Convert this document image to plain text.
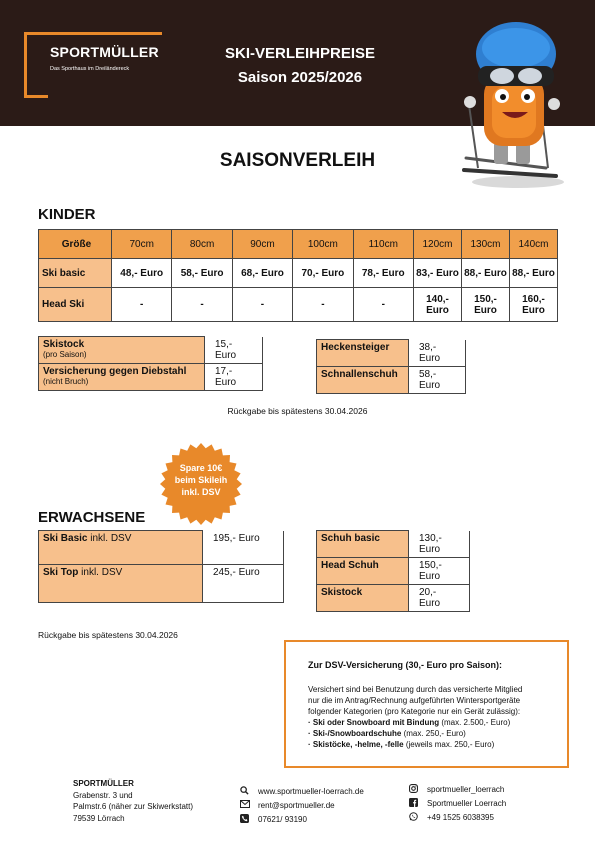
SPORTMÜLLER
Das Sporthaus im Dreiländereck
SKI-VERLEIHPREISE
Saison 2025/2026
SAISONVERLEIH
KINDER
Größe	70cm	80cm	90cm	100cm	110cm	120cm	130cm	140cm
Ski basic	48,- Euro	58,- Euro	68,- Euro	70,- Euro	78,- Euro	83,- Euro	88,- Euro	88,- Euro
Head Ski	-	-	-	-	-	140,- Euro	150,- Euro	160,- Euro
Skistock
(pro Saison)	15,- Euro
Versicherung gegen Diebstahl
(nicht Bruch)	17,- Euro
Heckensteiger	38,- Euro
Schnallenschuh	58,- Euro
Rückgabe bis spätestens 30.04.2026
Spare 10€
beim Skileih
inkl. DSV
ERWACHSENE
Ski Basic inkl. DSV	195,- Euro
Ski Top inkl. DSV	245,- Euro
Schuh basic	130,- Euro
Head Schuh	150,- Euro
Skistock	20,- Euro
Rückgabe bis spätestens 30.04.2026
Zur DSV-Versicherung (30,- Euro pro Saison):
Versichert sind bei Benutzung durch das versicherte Mitglied
nur die im Antrag/Rechnung aufgeführten Wintersportgeräte
folgender Kategorien (pro Kategorie nur ein Gerät zulässig):
· Ski oder Snowboard mit Bindung (max. 2.500,- Euro)
· Ski-/Snowboardschuhe (max. 250,- Euro)
· Skistöcke, -helme, -felle (jeweils max. 250,- Euro)
SPORTMÜLLER
Grabenstr. 3 und
Palmstr.6 (näher zur Skiwerkstatt)
79539 Lörrach
www.sportmueller-loerrach.de
rent@sportmueller.de
07621/ 93190
sportmueller_loerrach
Sportmueller Loerrach
+49 1525 6038395
